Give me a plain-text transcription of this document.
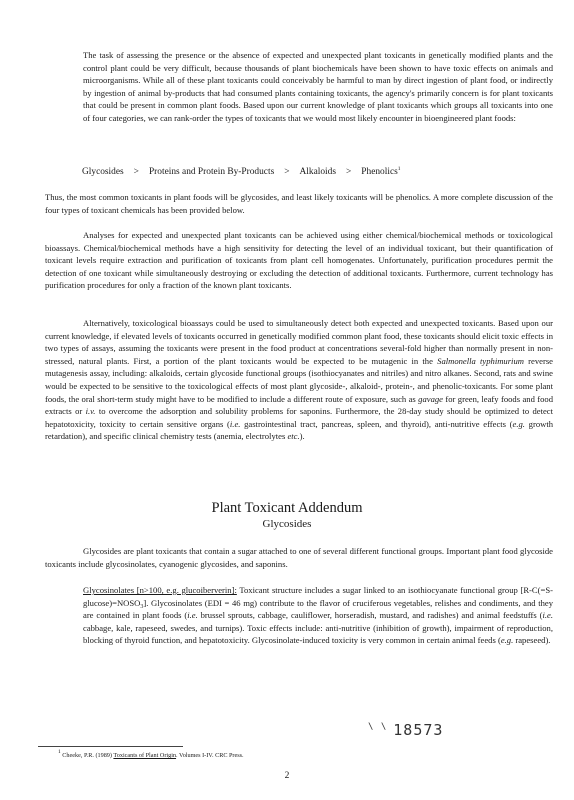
The task of assessing the presence or the absence of expected and unexpected plant toxicants in genetically modified plants and the control plant could be very difficult, because thousands of plant biochemicals have been shown to have toxic effects on animals and microorganisms. While all of these plant toxicants could conceivably be harmful to man by direct ingestion of plant food, or indirectly by ingestion of animal by-products that had consumed plants containing toxicants, the agency's primarily concern is for plant toxicants that could be present in common plant foods. Based upon our current knowledge of plant toxicants which groups all toxicants into one of four categories, we can rank-order the types of toxicants that we would most likely encounter in bioengineered plant foods:

Glycosides > Proteins and Protein By-Products > Alkaloids > Phenolics$^1$

Thus, the most common toxicants in plant foods will be glycosides, and least likely toxicants will be phenolics. A more complete discussion of the four types of toxicant chemicals has been provided below.

Analyses for expected and unexpected plant toxicants can be achieved using either chemical/biochemical methods or toxicological bioassays. Chemical/biochemical methods have a high sensitivity for detecting the level of an individual toxicant, but their quantification of toxicant levels require extraction and purification of toxicants from plant cell homogenates. Unfortunately, purification procedures permit the detection of one toxicant while simultaneously destroying or excluding the detection of additional toxicants. Furthermore, current technology has purification procedures for only a fraction of the known plant toxicants.

Alternatively, toxicological bioassays could be used to simultaneously detect both expected and unexpected toxicants. Based upon our current knowledge, if elevated levels of toxicants occurred in genetically modified common plant food, these toxicants should elicit toxic effects in two types of assays, assuming the toxicants were present in the food product at concentrations several-fold higher than normally present in non-stressed, natural plants. First, a portion of the plant toxicants would be expected to be mutagenic in the Salmonella typhimurium reverse mutagenesis assay, including: alkaloids, certain glycoside functional groups (isothiocyanates and nitriles) and nitro alkanes. Second, rats and swine would be expected to be sensitive to the toxicological effects of most plant glycoside-, alkaloid-, protein-, and phenolic-toxicants. For some plant foods, the oral short-term study might have to be modified to include a different route of exposure, such as gavage for green, leafy foods and food extracts or i.v. to overcome the adsorption and solubility problems for saponins. Furthermore, the 28-day study should be optimized to detect hepatotoxicity, toxicity to certain sensitive organs (i.e. gastrointestinal tract, pancreas, spleen, and thyroid), anti-nutritive effects (e.g. growth retardation), and specific clinical chemistry tests (anemia, electrolytes etc.).

Plant Toxicant Addendum
Glycosides

Glycosides are plant toxicants that contain a sugar attached to one of several different functional groups. Important plant food glycoside toxicants include glycosinolates, cyanogenic glycosides, and saponins.

Glycosinolates [n>100, e.g. glucoiberverin]: Toxicant structure includes a sugar linked to an isothiocyanate functional group $[R-C(=S-glucose)=NOSO_3]$. Glycosinolates (EDI = 46 mg) contribute to the flavor of cruciferous vegetables, relishes and condiments, and they are contained in plant foods (i.e. brussel sprouts, cabbage, cauliflower, horseradish, mustard, and radishes) and animal feedstuffs (i.e. cabbage, kale, rapeseed, swedes, and turnips). Toxic effects include: anti-nutritive (inhibition of growth), impairment of reproduction, blocking of thyroid function, and hepatotoxicity. Glycosinolate-induced toxicity is very common in certain animal feeds (e.g. rapeseed).

\ \ 18573

$^1$ Cheeke, P.R. (1989) Toxicants of Plant Origin. Volumes I-IV. CRC Press.

2
